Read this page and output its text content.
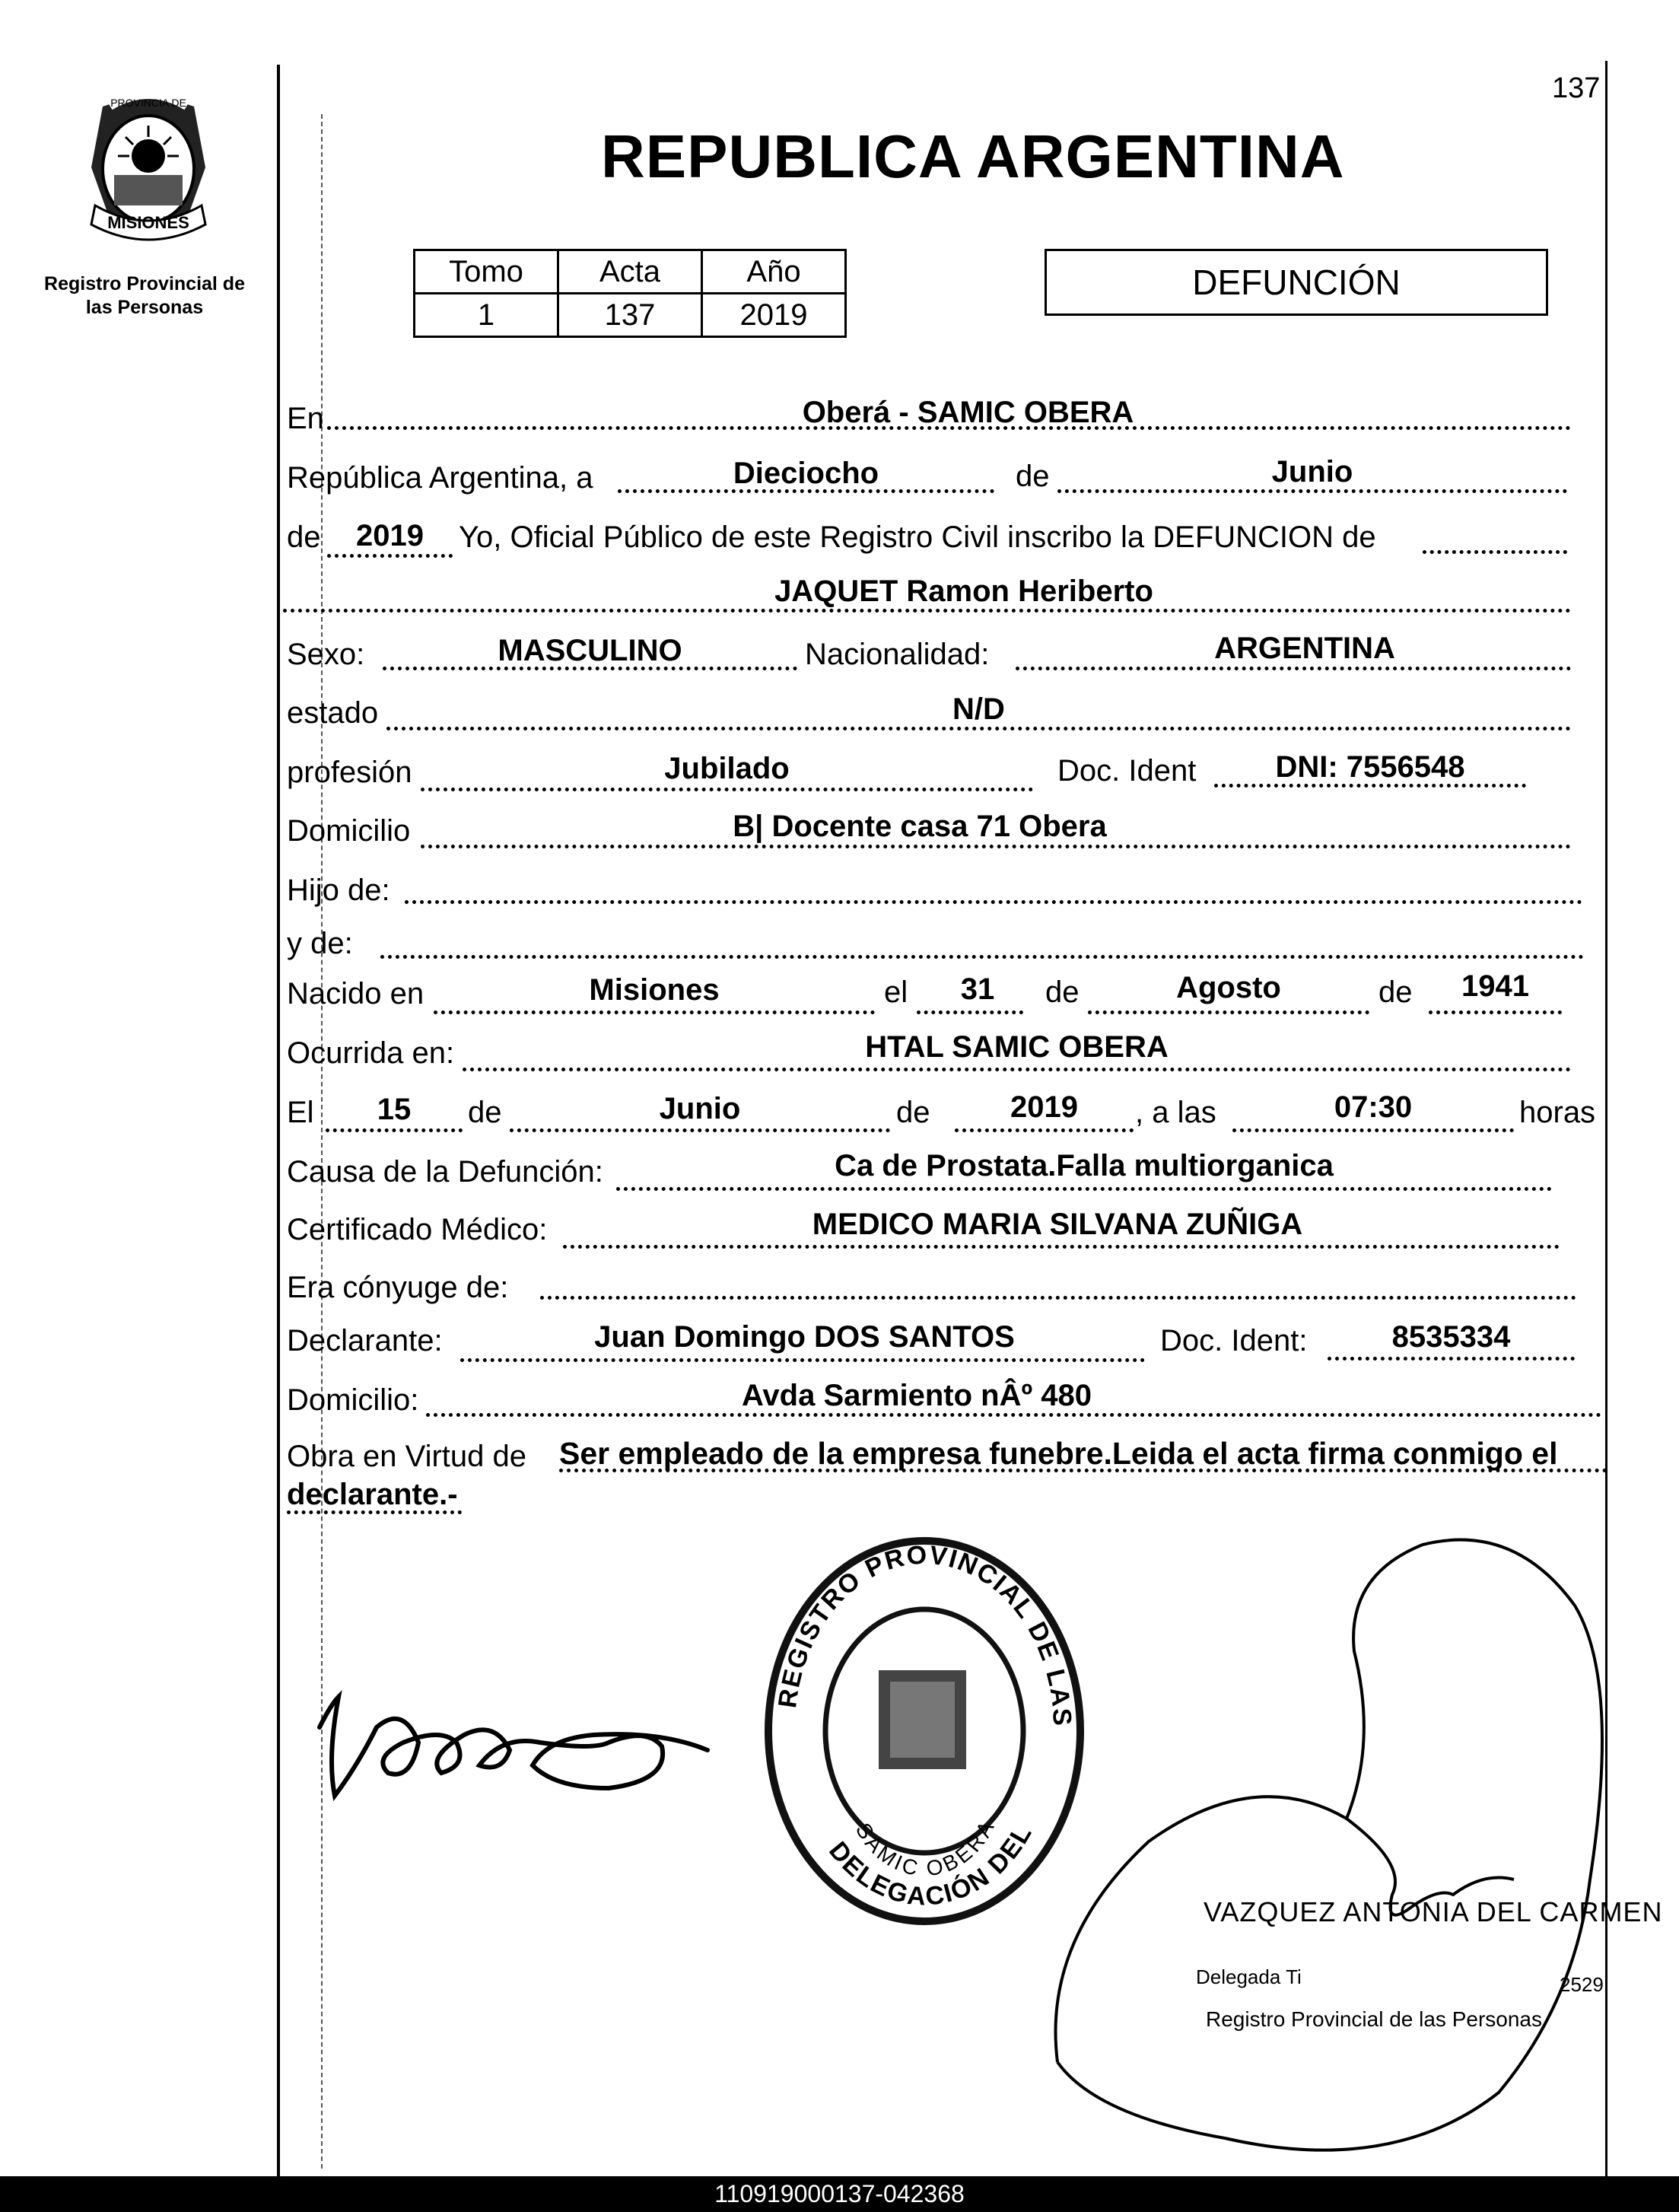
MISIONES
PROVINCIA DE
Registro Provincial de
las Personas
137
REPUBLICA ARGENTINA
Tomo	Acta	Año
1	137	2019
DEFUNCIÓN
En	Oberá - SAMIC OBERA
República Argentina, a	Dieciocho	de	Junio
de	2019	Yo, Oficial Público de este Registro Civil inscribo la DEFUNCION de
JAQUET Ramon Heriberto
Sexo:	MASCULINO	Nacionalidad:	ARGENTINA
estado	N/D
profesión	Jubilado	Doc. Ident	DNI: 7556548
Domicilio	B| Docente casa 71 Obera
Hijo de:
y de:
Nacido en	Misiones	el	31	de	Agosto	de	1941
Ocurrida en:	HTAL SAMIC OBERA
El	15	de	Junio	de	2019	, a las	07:30	horas
Causa de la Defunción:	Ca de Prostata.Falla multiorganica
Certificado Médico:	MEDICO MARIA SILVANA ZUÑIGA
Era cónyuge de:
Declarante:	Juan Domingo DOS SANTOS	Doc. Ident:	8535334
Domicilio:	Avda Sarmiento nÂº 480
Obra en Virtud de Ser empleado de la empresa funebre.Leida el acta firma conmigo el
declarante.-
REGISTRO PROVINCIAL DE LAS
DELEGACIÓN DEL
SAMIC OBERA
VAZQUEZ ANTONIA DEL CARMEN
Delegada Ti	2529
Registro Provincial de las Personas
110919000137-042368
